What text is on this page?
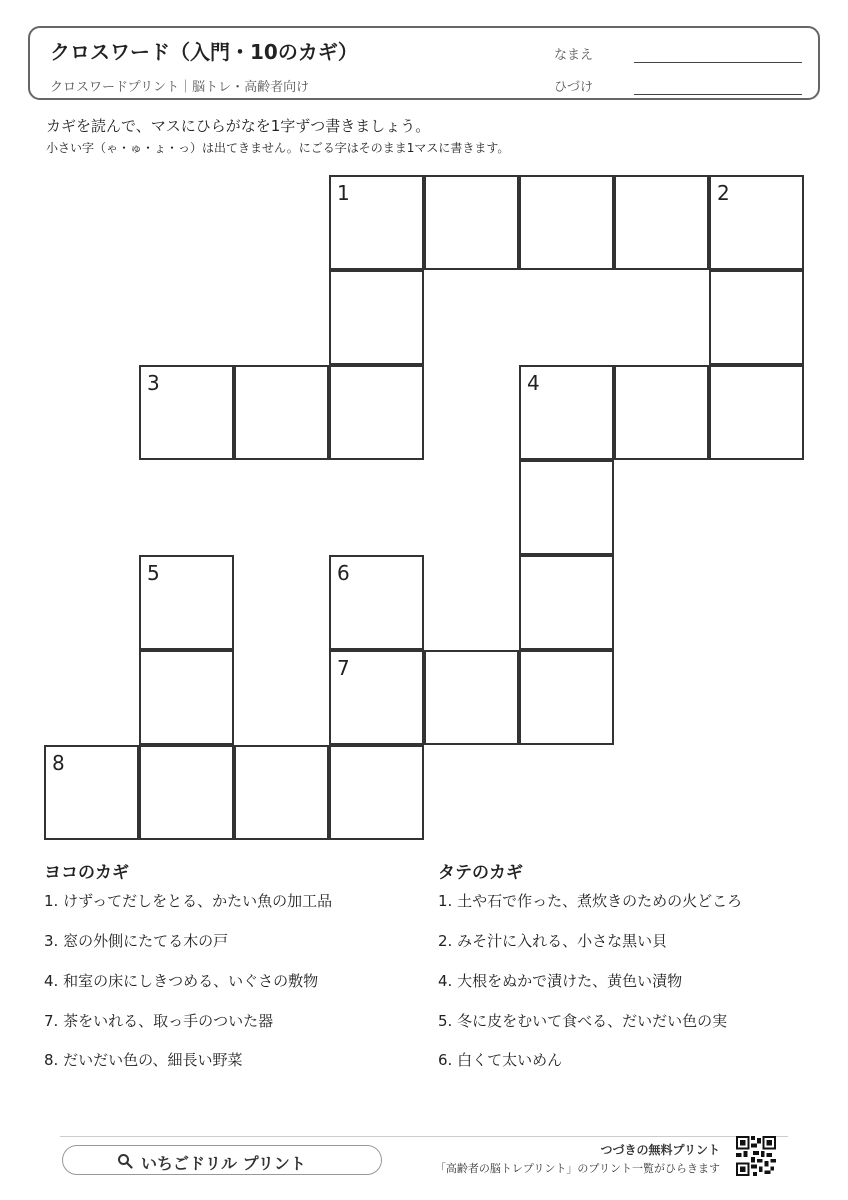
クロスワード（入門・10のカギ）
クロスワードプリント｜脳トレ・高齢者向け
なまえ
ひづけ
カギを読んで、マスにひらがなを1字ずつ書きましょう。
小さい字（ゃ・ゅ・ょ・っ）は出てきません。にごる字はそのまま1マスに書きます。
1	2
3	4
5	6
7
8
ヨコのカギ
1. けずってだしをとる、かたい魚の加工品
3. 窓の外側にたてる木の戸
4. 和室の床にしきつめる、いぐさの敷物
7. 茶をいれる、取っ手のついた器
8. だいだい色の、細長い野菜
タテのカギ
1. 土や石で作った、煮炊きのための火どころ
2. みそ汁に入れる、小さな黒い貝
4. 大根をぬかで漬けた、黄色い漬物
5. 冬に皮をむいて食べる、だいだい色の実
6. 白くて太いめん
いちごドリル プリント
つづきの無料プリント
「高齢者の脳トレプリント」のプリント一覧がひらきます
